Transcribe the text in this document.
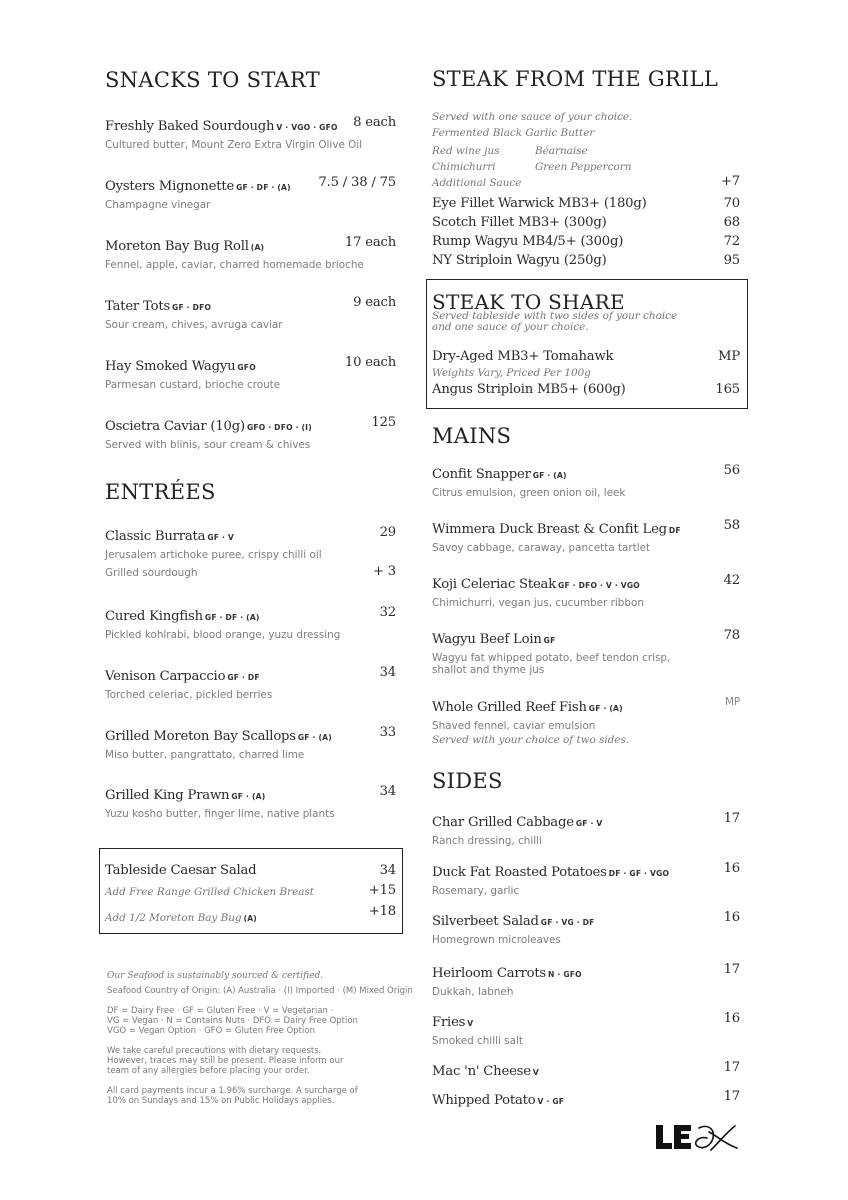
SNACKS TO START
Freshly Baked Sourdough V · VGO · GFO
Cultured butter, Mount Zero Extra Virgin Olive Oil
8 each
Oysters Mignonette GF · DF · (A)
Champagne vinegar
7.5 / 38 / 75
Moreton Bay Bug Roll (A)
Fennel, apple, caviar, charred homemade brioche
17 each
Tater Tots GF · DFO
Sour cream, chives, avruga caviar
9 each
Hay Smoked Wagyu GFO
Parmesan custard, brioche croute
10 each
Oscietra Caviar (10g) GFO · DFO · (I)
Served with blinis, sour cream & chives
125
ENTRÉES
Classic Burrata GF · V
Jerusalem artichoke puree, crispy chilli oil
Grilled sourdough
29
+ 3
Cured Kingfish GF · DF · (A)
Pickled kohlrabi, blood orange, yuzu dressing
32
Venison Carpaccio GF · DF
Torched celeriac, pickled berries
34
Grilled Moreton Bay Scallops GF · (A)
Miso butter, pangrattato, charred lime
33
Grilled King Prawn GF · (A)
Yuzu kosho butter, finger lime, native plants
34
Tableside Caesar Salad	34
Add Free Range Grilled Chicken Breast	+15
Add 1/2 Moreton Bay Bug (A)	+18
Our Seafood is sustainably sourced & certified.
Seafood Country of Origin: (A) Australia · (I) Imported · (M) Mixed Origin
DF = Dairy Free · GF = Gluten Free · V = Vegetarian ·
VG = Vegan · N = Contains Nuts · DFO = Dairy Free Option
VGO = Vegan Option · GFO = Gluten Free Option
We take careful precautions with dietary requests.
However, traces may still be present. Please inform our
team of any allergies before placing your order.
All card payments incur a 1.96% surcharge. A surcharge of
10% on Sundays and 15% on Public Holidays applies.
STEAK FROM THE GRILL
Served with one sauce of your choice.
Fermented Black Garlic Butter
Red wine jus	Béarnaise
Chimichurri	Green Peppercorn
Additional Sauce	+7
Eye Fillet Warwick MB3+ (180g)	70
Scotch Fillet MB3+ (300g)	68
Rump Wagyu MB4/5+ (300g)	72
NY Striploin Wagyu (250g)	95
STEAK TO SHARE
Served tableside with two sides of your choice
and one sauce of your choice.
Dry-Aged MB3+ Tomahawk	MP
Weights Vary, Priced Per 100g
Angus Striploin MB5+ (600g)	165
MAINS
Confit Snapper GF · (A)
Citrus emulsion, green onion oil, leek
56
Wimmera Duck Breast & Confit Leg DF
Savoy cabbage, caraway, pancetta tartlet
58
Koji Celeriac Steak GF · DFO · V · VGO
Chimichurri, vegan jus, cucumber ribbon
42
Wagyu Beef Loin GF
Wagyu fat whipped potato, beef tendon crisp,
shallot and thyme jus
78
Whole Grilled Reef Fish GF · (A)
Shaved fennel, caviar emulsion
Served with your choice of two sides.
MP
SIDES
Char Grilled Cabbage GF · V
Ranch dressing, chilli
17
Duck Fat Roasted Potatoes DF · GF · VGO
Rosemary, garlic
16
Silverbeet Salad GF · VG · DF
Homegrown microleaves
16
Heirloom Carrots N · GFO
Dukkah, labneh
17
Fries V
Smoked chilli salt
16
Mac 'n' Cheese V	17
Whipped Potato V · GF	17
